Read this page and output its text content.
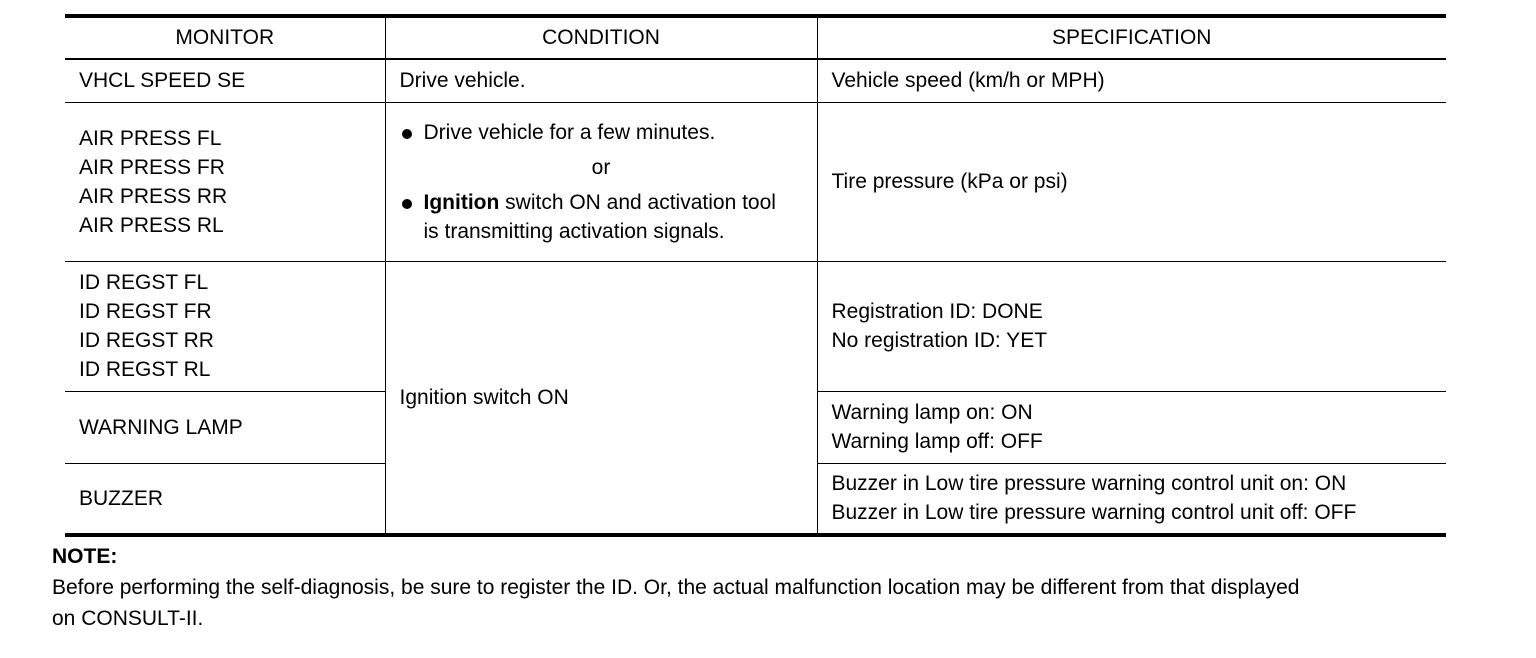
MONITOR	CONDITION	SPECIFICATION

VHCL SPEED SE	Drive vehicle.	Vehicle speed (km/h or MPH)

AIR PRESS FL
AIR PRESS FR
AIR PRESS RR
AIR PRESS RL	Drive vehicle for a few minutes.
or
Ignition switch ON and activation tool
is transmitting activation signals.	Tire pressure (kPa or psi)

ID REGST FL
ID REGST FR
ID REGST RR
ID REGST RL	Ignition switch ON	Registration ID: DONE
No registration ID: YET

WARNING LAMP		Warning lamp on: ON
Warning lamp off: OFF

BUZZER		Buzzer in Low tire pressure warning control unit on: ON
Buzzer in Low tire pressure warning control unit off: OFF
NOTE:
Before performing the self-diagnosis, be sure to register the ID. Or, the actual malfunction location may be different from that displayed
on CONSULT-II.
